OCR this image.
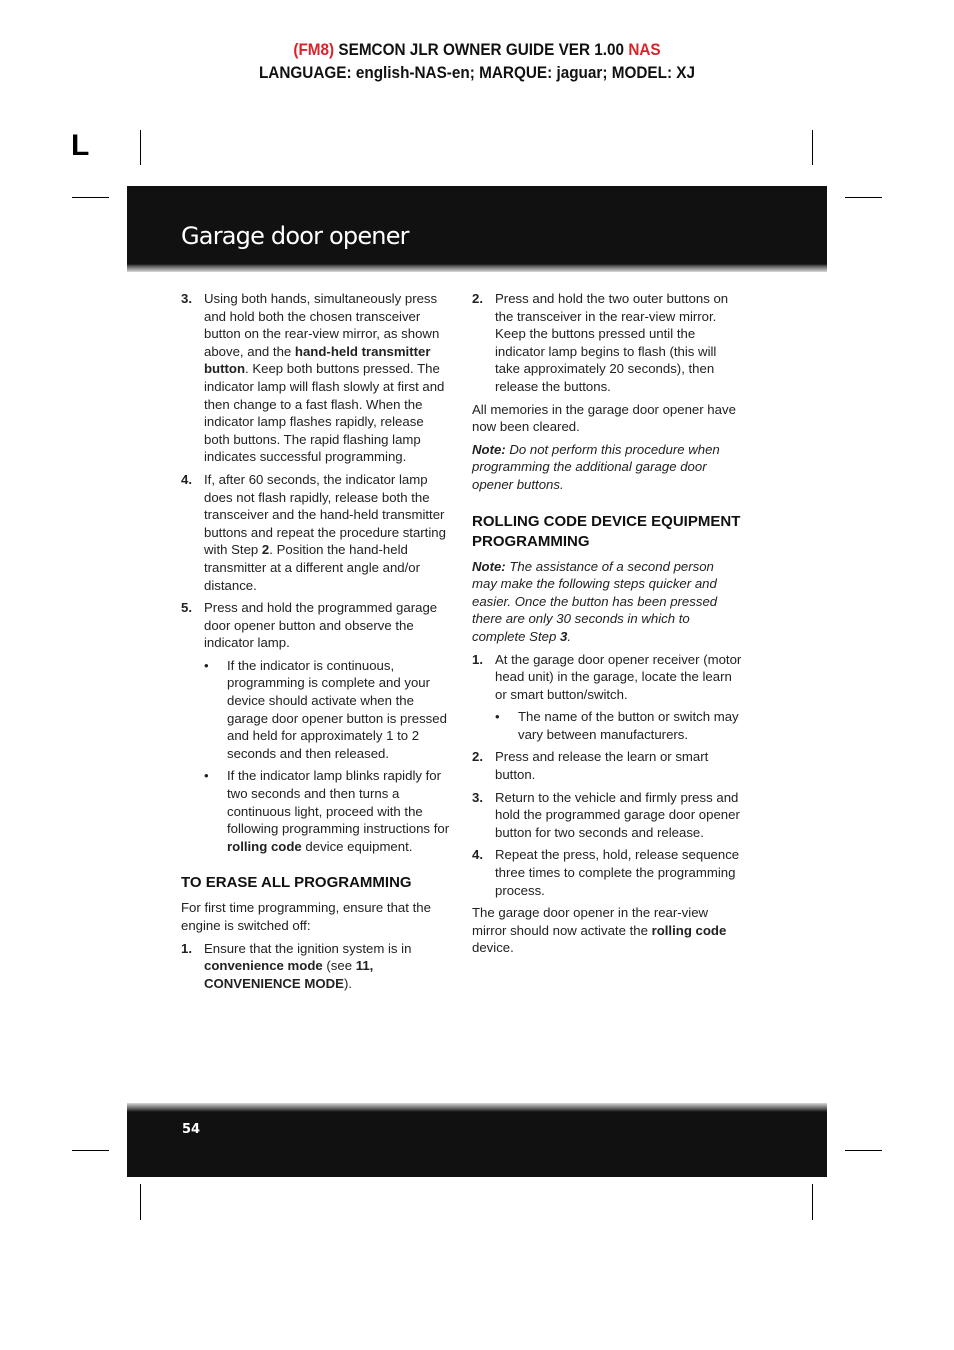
(FM8) SEMCON JLR OWNER GUIDE VER 1.00 NAS
LANGUAGE: english-NAS-en; MARQUE: jaguar; MODEL: XJ
L
Garage door opener
3. Using both hands, simultaneously press and hold both the chosen transceiver button on the rear-view mirror, as shown above, and the hand-held transmitter button. Keep both buttons pressed. The indicator lamp will flash slowly at first and then change to a fast flash. When the indicator lamp flashes rapidly, release both buttons. The rapid flashing lamp indicates successful programming.
4. If, after 60 seconds, the indicator lamp does not flash rapidly, release both the transceiver and the hand-held transmitter buttons and repeat the procedure starting with Step 2. Position the hand-held transmitter at a different angle and/or distance.
5. Press and hold the programmed garage door opener button and observe the indicator lamp.
• If the indicator is continuous, programming is complete and your device should activate when the garage door opener button is pressed and held for approximately 1 to 2 seconds and then released.
• If the indicator lamp blinks rapidly for two seconds and then turns a continuous light, proceed with the following programming instructions for rolling code device equipment.
TO ERASE ALL PROGRAMMING

For first time programming, ensure that the engine is switched off:

1. Ensure that the ignition system is in convenience mode (see 11, CONVENIENCE MODE).
2. Press and hold the two outer buttons on the transceiver in the rear-view mirror. Keep the buttons pressed until the indicator lamp begins to flash (this will take approximately 20 seconds), then release the buttons.

All memories in the garage door opener have now been cleared.

Note: Do not perform this procedure when programming the additional garage door opener buttons.

ROLLING CODE DEVICE EQUIPMENT PROGRAMMING

Note: The assistance of a second person may make the following steps quicker and easier. Once the button has been pressed there are only 30 seconds in which to complete Step 3.

1. At the garage door opener receiver (motor head unit) in the garage, locate the learn or smart button/switch.
• The name of the button or switch may vary between manufacturers.
2. Press and release the learn or smart button.
3. Return to the vehicle and firmly press and hold the programmed garage door opener button for two seconds and release.
4. Repeat the press, hold, release sequence three times to complete the programming process.

The garage door opener in the rear-view mirror should now activate the rolling code device.

54
